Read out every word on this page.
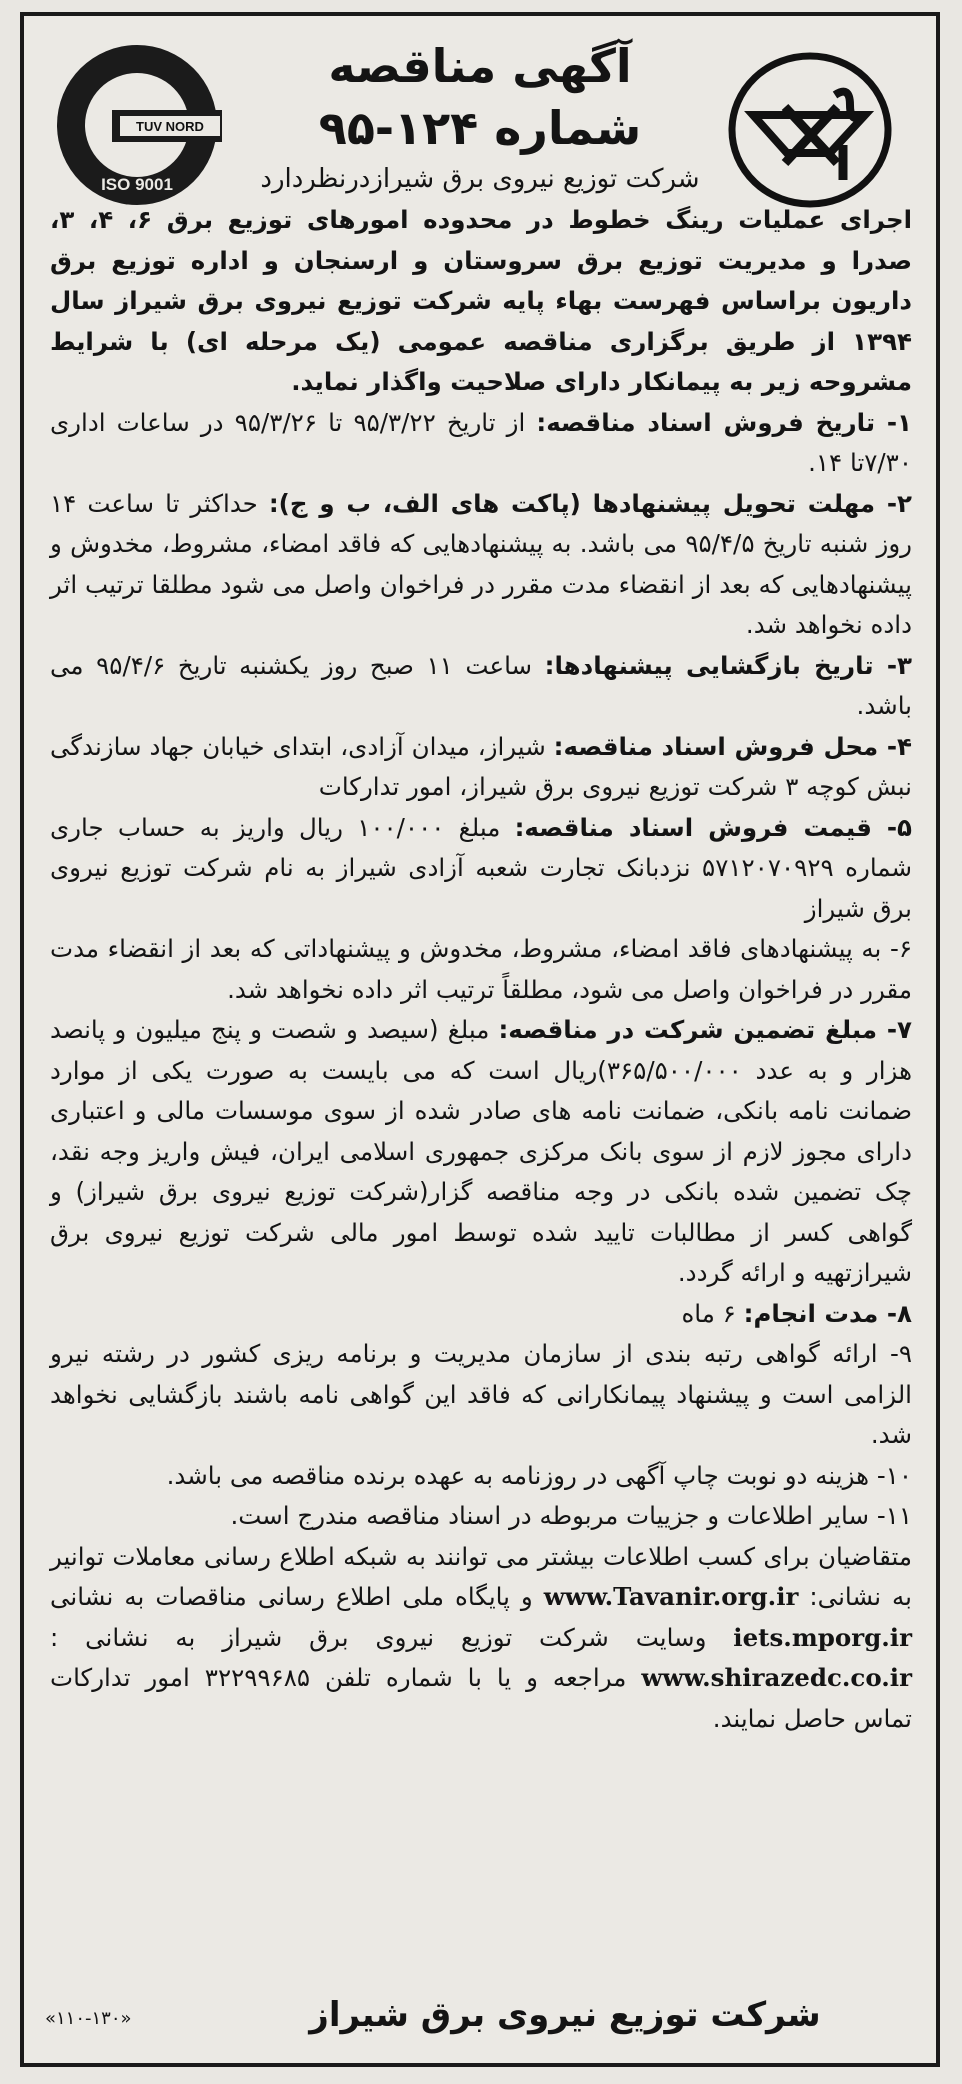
TUV NORD
ISO 9001
آگهی مناقصه
شماره ۱۲۴-۹۵
شرکت توزیع نیروی برق شیرازدرنظردارد

اجرای عملیات رینگ خطوط در محدوده امورهای توزیع برق ۶، ۴، ۳، صدرا و مدیریت توزیع برق سروستان و ارسنجان و اداره توزیع برق داریون براساس فهرست بهاء پایه شرکت توزیع نیروی برق شیراز سال ۱۳۹۴ از طریق برگزاری مناقصه عمومی (یک مرحله ای) با شرایط مشروحه زیر به پیمانکار دارای صلاحیت واگذار نماید.

۱- تاریخ فروش اسناد مناقصه: از تاریخ ۹۵/۳/۲۲ تا ۹۵/۳/۲۶ در ساعات اداری ۷/۳۰تا ۱۴.

۲- مهلت تحویل پیشنهادها (پاکت های الف، ب و ج): حداکثر تا ساعت ۱۴ روز شنبه تاریخ ۹۵/۴/۵ می باشد. به پیشنهادهایی که فاقد امضاء، مشروط، مخدوش و پیشنهادهایی که بعد از انقضاء مدت مقرر در فراخوان واصل می شود مطلقا ترتیب اثر داده نخواهد شد.

۳- تاریخ بازگشایی پیشنهادها: ساعت ۱۱ صبح روز یکشنبه تاریخ ۹۵/۴/۶ می باشد.

۴- محل فروش اسناد مناقصه: شیراز، میدان آزادی، ابتدای خیابان جهاد سازندگی نبش کوچه ۳ شرکت توزیع نیروی برق شیراز، امور تدارکات

۵- قیمت فروش اسناد مناقصه: مبلغ ۱۰۰/۰۰۰ ریال واریز به حساب جاری شماره ۵۷۱۲۰۷۰۹۲۹ نزدبانک تجارت شعبه آزادی شیراز به نام شرکت توزیع نیروی برق شیراز

۶- به پیشنهادهای فاقد امضاء، مشروط، مخدوش و پیشنهاداتی که بعد از انقضاء مدت مقرر در فراخوان واصل می شود، مطلقاً ترتیب اثر داده نخواهد شد.

۷- مبلغ تضمین شرکت در مناقصه: مبلغ (سیصد و شصت و پنج میلیون و پانصد هزار و به عدد ۳۶۵/۵۰۰/۰۰۰)ریال است که می بایست به صورت یکی از موارد ضمانت نامه بانکی، ضمانت نامه های صادر شده از سوی موسسات مالی و اعتباری دارای مجوز لازم از سوی بانک مرکزی جمهوری اسلامی ایران، فیش واریز وجه نقد، چک تضمین شده بانکی در وجه مناقصه گزار(شرکت توزیع نیروی برق شیراز) و گواهی کسر از مطالبات تایید شده توسط امور مالی شرکت توزیع نیروی برق شیرازتهیه و ارائه گردد.

۸- مدت انجام: ۶ ماه

۹- ارائه گواهی رتبه بندی از سازمان مدیریت و برنامه ریزی کشور در رشته نیرو الزامی است و پیشنهاد پیمانکارانی که فاقد این گواهی نامه باشند بازگشایی نخواهد شد.

۱۰- هزینه دو نوبت چاپ آگهی در روزنامه به عهده برنده مناقصه می باشد.

۱۱- سایر اطلاعات و جزییات مربوطه در اسناد مناقصه مندرج است.

متقاضیان برای کسب اطلاعات بیشتر می توانند به شبکه اطلاع رسانی معاملات توانیر به نشانی: www.Tavanir.org.ir و پایگاه ملی اطلاع رسانی مناقصات به نشانی iets.mporg.ir وسایت شرکت توزیع نیروی برق شیراز به نشانی : www.shirazedc.co.ir مراجعه و یا با شماره تلفن ۳۲۲۹۹۶۸۵ امور تدارکات تماس حاصل نمایند.

شرکت توزیع نیروی برق شیراز
«۱۱۰-۱۳۰»
